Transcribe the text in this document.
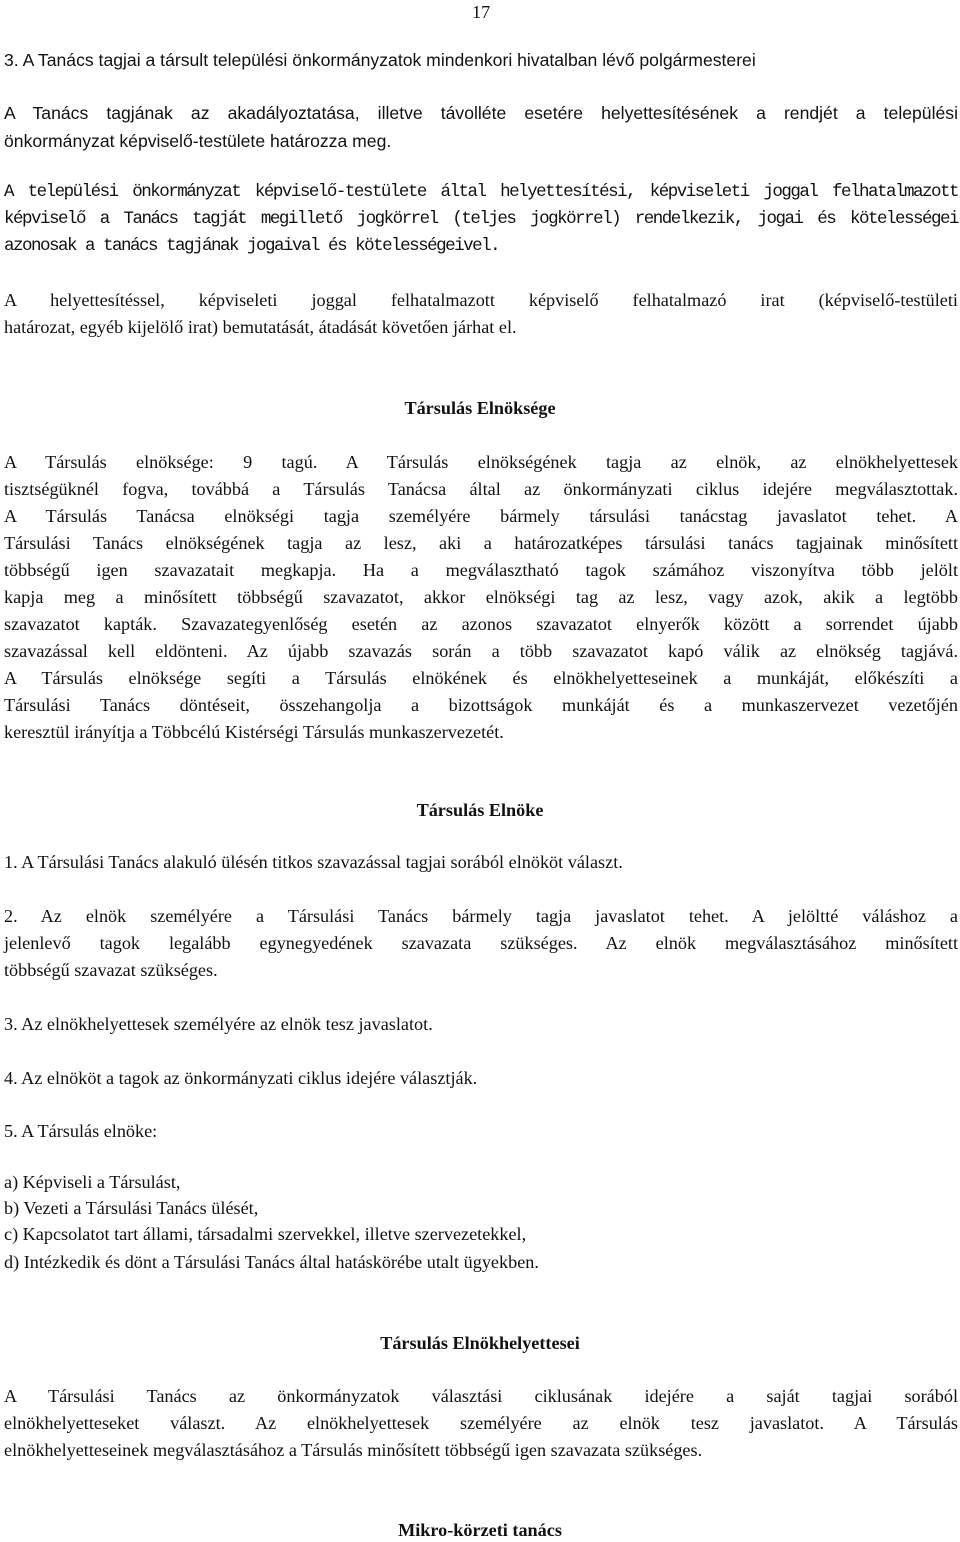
17
3. A Tanács tagjai a társult települési önkormányzatok mindenkori hivatalban lévő polgármesterei
A Tanács tagjának az akadályoztatása, illetve távolléte esetére helyettesítésének a rendjét a települési
önkormányzat képviselő-testülete határozza meg.
A települési önkormányzat képviselő-testülete által helyettesítési, képviseleti joggal felhatalmazott
képviselő a Tanács tagját megillető jogkörrel (teljes jogkörrel) rendelkezik, jogai és kötelességei
azonosak a tanács tagjának jogaival és kötelességeivel.
A helyettesítéssel, képviseleti joggal felhatalmazott képviselő felhatalmazó irat (képviselő-testületi
határozat, egyéb kijelölő irat) bemutatását, átadását követően járhat el.
Társulás Elnöksége
A Társulás elnöksége: 9 tagú. A Társulás elnökségének tagja az elnök, az elnökhelyettesek
tisztségüknél fogva, továbbá a Társulás Tanácsa által az önkormányzati ciklus idejére megválasztottak.
A Társulás Tanácsa elnökségi tagja személyére bármely társulási tanácstag javaslatot tehet. A
Társulási Tanács elnökségének tagja az lesz, aki a határozatképes társulási tanács tagjainak minősített
többségű igen szavazatait megkapja. Ha a megválasztható tagok számához viszonyítva több jelölt
kapja meg a minősített többségű szavazatot, akkor elnökségi tag az lesz, vagy azok, akik a legtöbb
szavazatot kapták. Szavazategyenlőség esetén az azonos szavazatot elnyerők között a sorrendet újabb
szavazással kell eldönteni. Az újabb szavazás során a több szavazatot kapó válik az elnökség tagjává.
A Társulás elnöksége segíti a Társulás elnökének és elnökhelyetteseinek a munkáját, előkészíti a
Társulási Tanács döntéseit, összehangolja a bizottságok munkáját és a munkaszervezet vezetőjén
keresztül irányítja a Többcélú Kistérségi Társulás munkaszervezetét.
Társulás Elnöke
1. A Társulási Tanács alakuló ülésén titkos szavazással tagjai sorából elnököt választ.
2. Az elnök személyére a Társulási Tanács bármely tagja javaslatot tehet. A jelöltté váláshoz a
jelenlevő tagok legalább egynegyedének szavazata szükséges. Az elnök megválasztásához minősített
többségű szavazat szükséges.
3. Az elnökhelyettesek személyére az elnök tesz javaslatot.
4. Az elnököt a tagok az önkormányzati ciklus idejére választják.
5. A Társulás elnöke:
a) Képviseli a Társulást,
b) Vezeti a Társulási Tanács ülését,
c) Kapcsolatot tart állami, társadalmi szervekkel, illetve szervezetekkel,
d) Intézkedik és dönt a Társulási Tanács által hatáskörébe utalt ügyekben.
Társulás Elnökhelyettesei
A Társulási Tanács az önkormányzatok választási ciklusának idejére a saját tagjai sorából
elnökhelyetteseket választ. Az elnökhelyettesek személyére az elnök tesz javaslatot. A Társulás
elnökhelyetteseinek megválasztásához a Társulás minősített többségű igen szavazata szükséges.
Mikro-körzeti tanács
